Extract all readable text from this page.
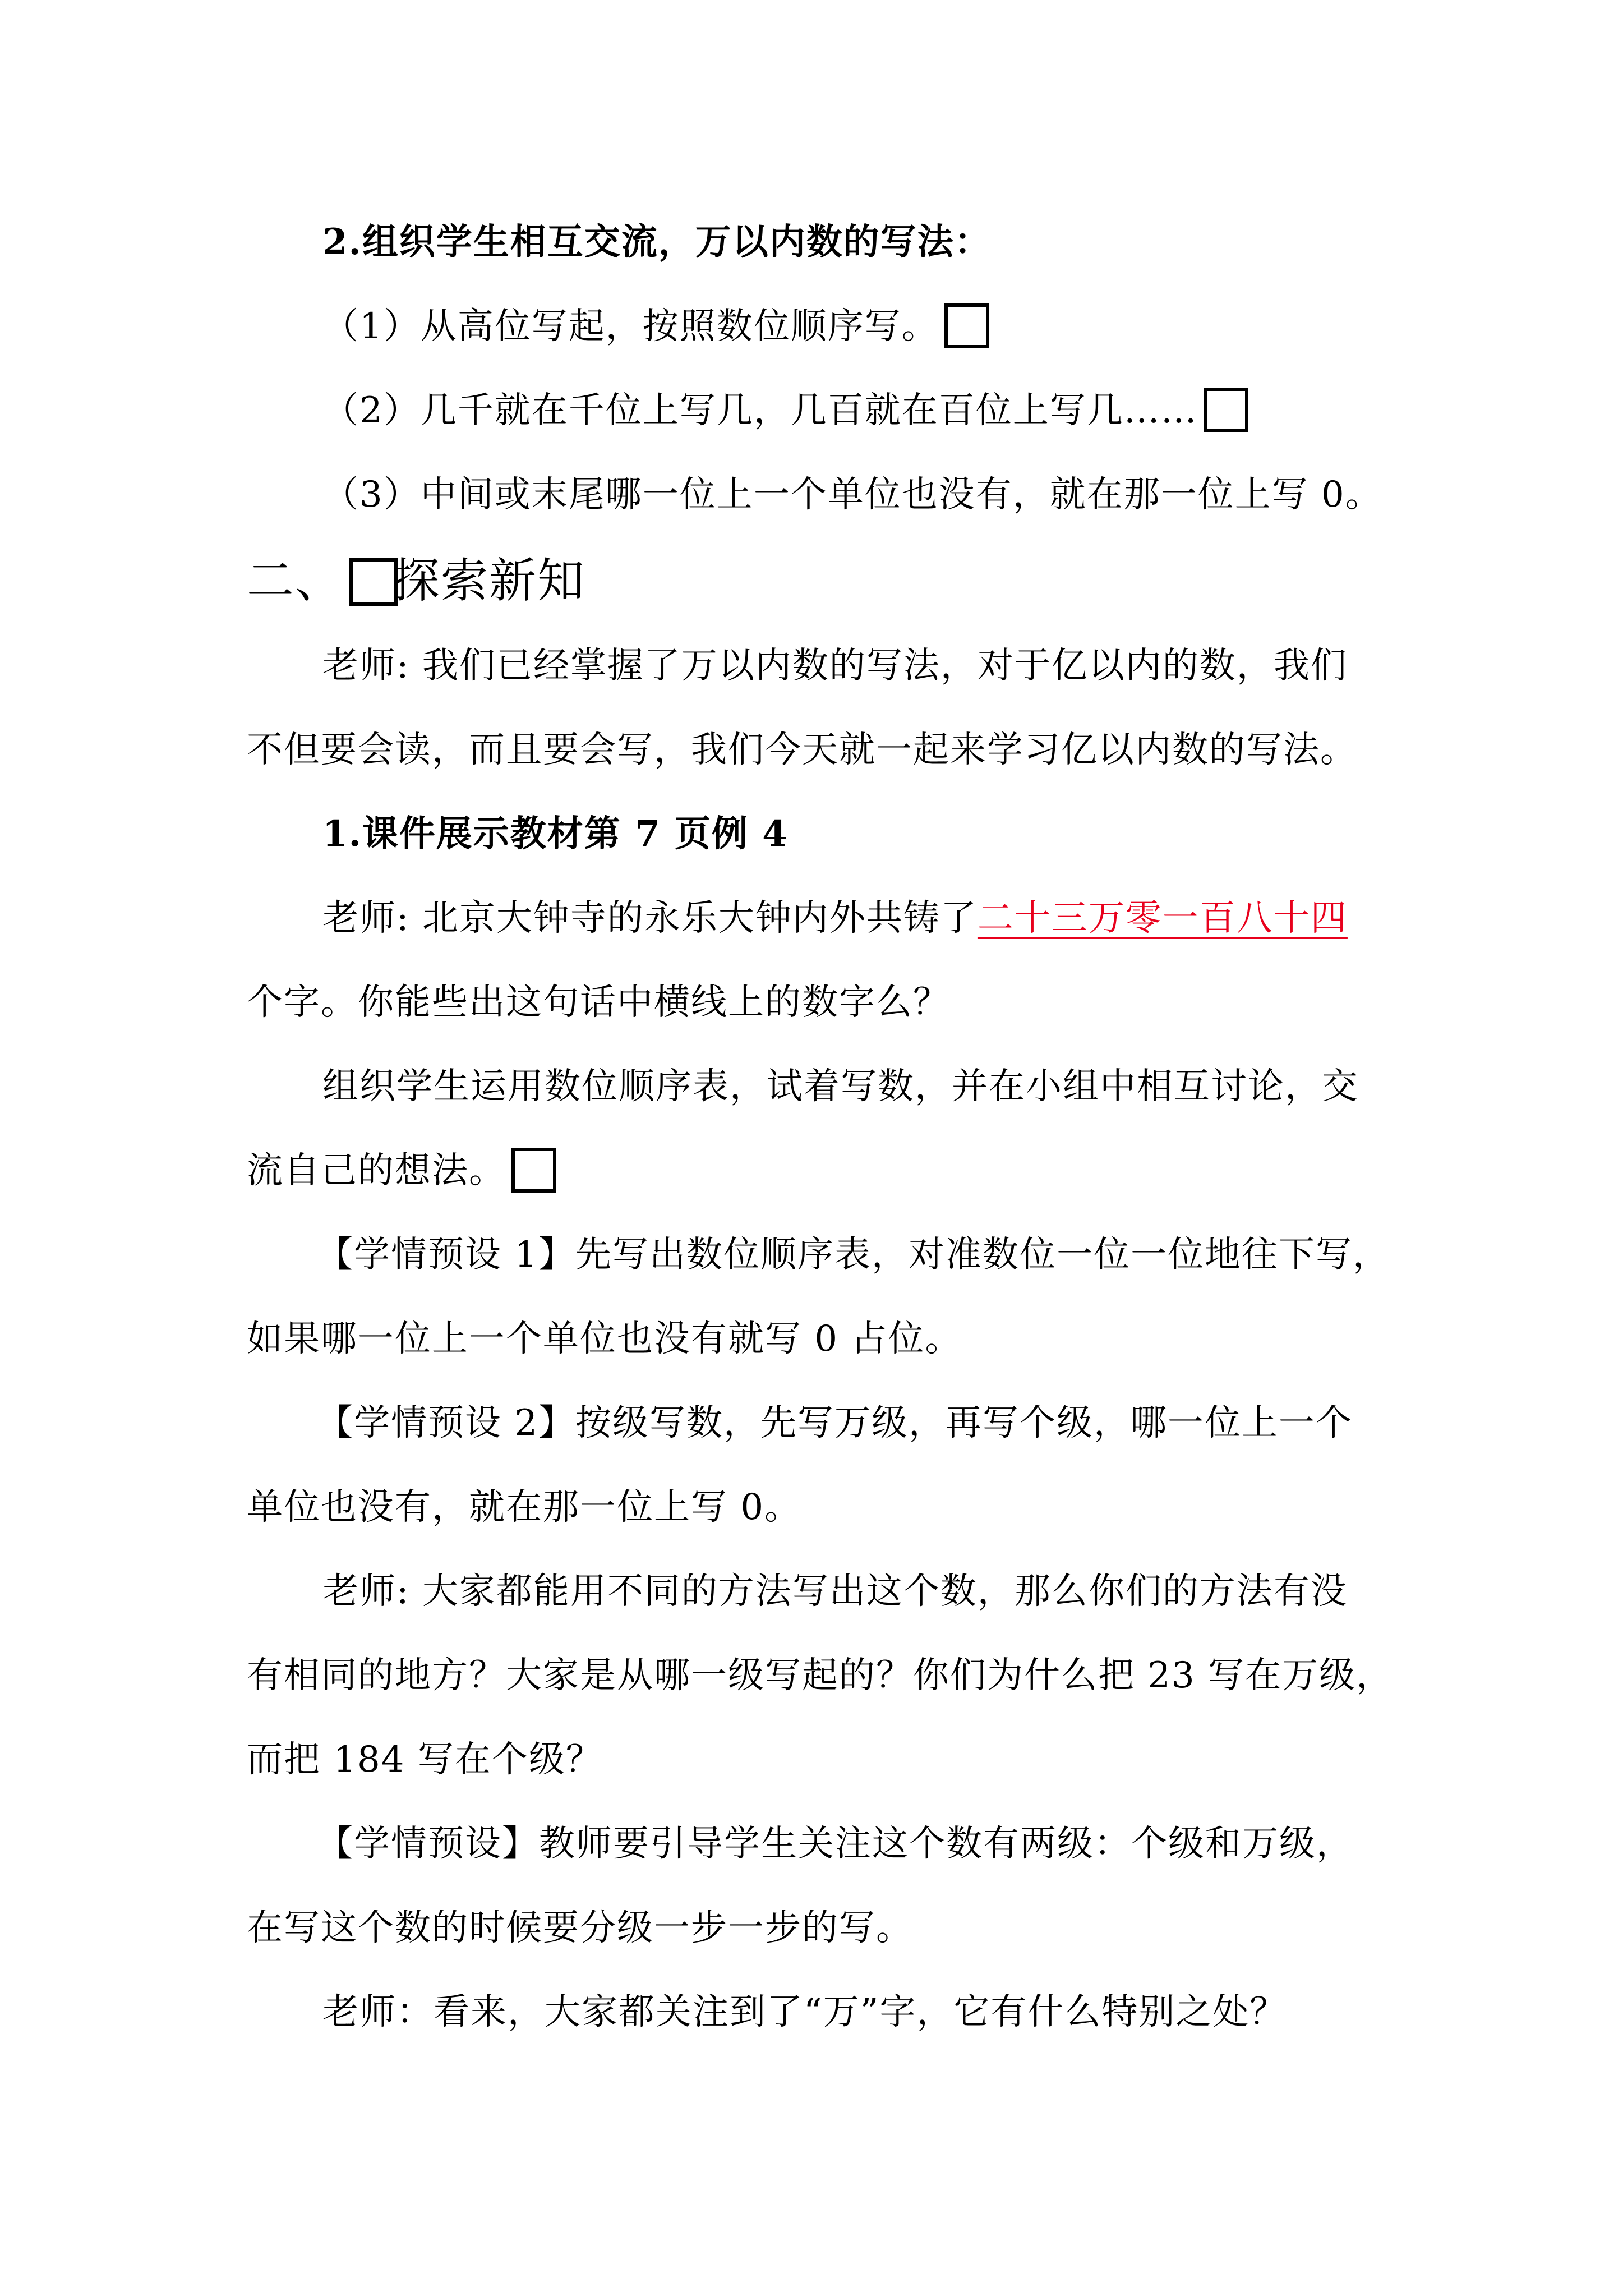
2.组织学生相互交流，万以内数的写法：
（1）从高位写起，按照数位顺序写。
（2）几千就在千位上写几，几百就在百位上写几……
（3）中间或末尾哪一位上一个单位也没有，就在那一位上写 0。
二、 探索新知
老师: 我们已经掌握了万以内数的写法，对于亿以内的数，我们
不但要会读，而且要会写，我们今天就一起来学习亿以内数的写法。
1.课件展示教材第 7 页例 4
老师: 北京大钟寺的永乐大钟内外共铸了二十三万零一百八十四
个字。你能些出这句话中横线上的数字么？
组织学生运用数位顺序表，试着写数，并在小组中相互讨论，交
流自己的想法。
【学情预设 1】先写出数位顺序表，对准数位一位一位地往下写，
如果哪一位上一个单位也没有就写 0 占位。
【学情预设 2】按级写数，先写万级，再写个级，哪一位上一个
单位也没有，就在那一位上写 0。
老师: 大家都能用不同的方法写出这个数，那么你们的方法有没
有相同的地方？大家是从哪一级写起的？你们为什么把 23 写在万级，
而把 184 写在个级？
【学情预设】教师要引导学生关注这个数有两级：个级和万级，
在写这个数的时候要分级一步一步的写。
老师：看来，大家都关注到了“万”字，它有什么特别之处？
